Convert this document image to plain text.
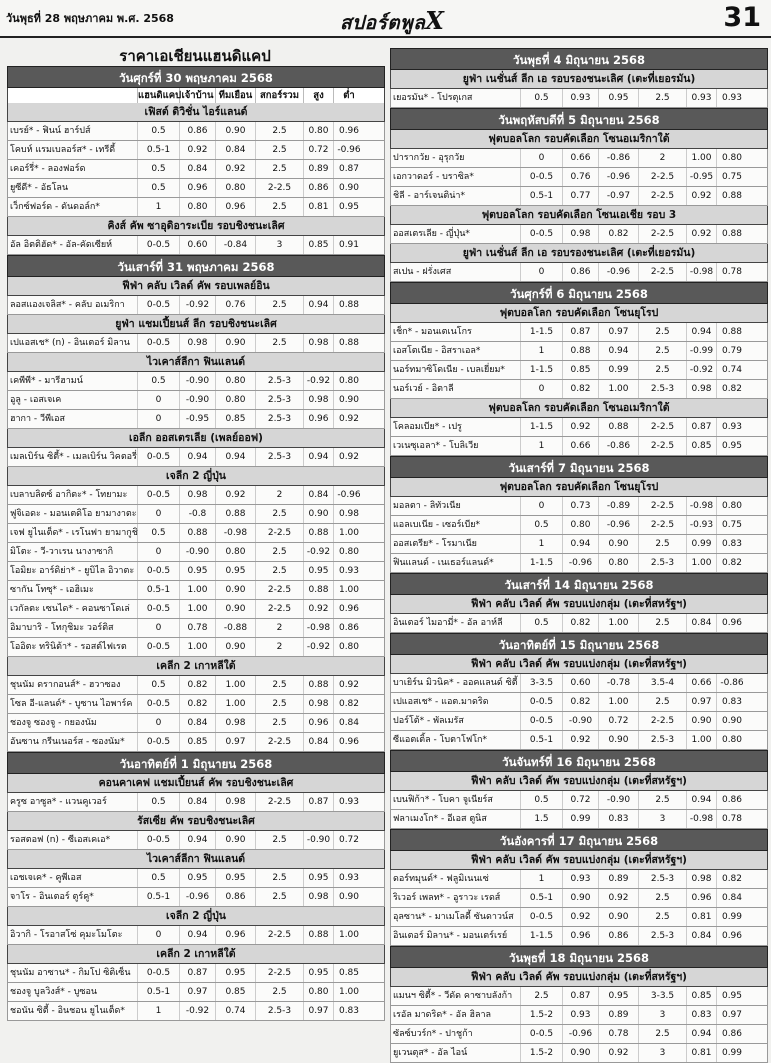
วันพุธที่ 28 พฤษภาคม พ.ศ. 2568	สปอร์ตพูลX	31
ราคาเอเชียนแฮนดิแคป
วันศุกร์ที่ 30 พฤษภาคม 2568
แฮนดิแคป เจ้าบ้าน ทีมเยือน สกอร์รวม	สูง	ต่ำ
เฟิสต์ ดิวิชั่น ไอร์แลนด์
เบรย์* - ฟินน์ ฮาร์ปส์	0.5	0.86	0.90	2.5	0.80	0.96
โคบห์ แรมเบลอร์ส* - เทรีดี้	0.5-1	0.92	0.84	2.5	0.72 -0.96
เคอร์รี่* - ลองฟอร์ด	0.5	0.84	0.92	2.5	0.89	0.87
ยูซีดี* - อัธโลน	0.5	0.96	0.80	2-2.5	0.86	0.90
เว็กซ์ฟอร์ด - ดันดอล์ก*	1	0.80	0.96	2.5	0.81	0.95
คิงส์ คัพ ซาอุดิอาระเบีย รอบชิงชนะเลิศ
อัล อิตติฮัด* - อัล-คัดเซียห์	0-0.5	0.60	-0.84	3	0.85	0.91
วันเสาร์ที่ 31 พฤษภาคม 2568
ฟีฟ่า คลับ เวิลด์ คัพ รอบเพลย์อิน
ลอสแองเจลิส* - คลับ อเมริกา	0-0.5	-0.92	0.76	2.5	0.94	0.88
ยูฟ่า แชมเปี้ยนส์ ลีก รอบชิงชนะเลิศ
เปแอสเช* (n) - อินเตอร์ มิลาน	0-0.5	0.98	0.90	2.5	0.98	0.88
ไวเคาส์ลีกา ฟินแลนด์
เคพีพี* - มารีฮามน์	0.5	-0.90	0.80	2.5-3	-0.92 0.80
อูลู - เอสเจเค	0	-0.90	0.80	2.5-3	0.98	0.90
ฮากา - วีพีเอส	0	-0.95	0.85	2.5-3	0.96	0.92
เอลีก ออสเตรเลีย (เพลย์ออฟ)
เมลเบิร์น ซิตี้* - เมลเบิร์น วิคตอรี่	0-0.5	0.94	0.94	2.5-3	0.94	0.92
เจลีก 2 ญี่ปุ่น
เบลาบลิตซ์ อากิตะ* - โทยามะ	0-0.5	0.98	0.92	2	0.84 -0.96
ฟูจิเอดะ - มอนเตดิโอ ยามางาตะ	0	-0.8	0.88	2.5	0.90	0.98
เจฟ ยูไนเต็ด* - เรโนฟา ยามากูชิ	0.5	0.88	-0.98	2-2.5	0.88	1.00
มิโตะ - วี-วาเรน นางาซากิ	0	-0.90	0.80	2.5	-0.92 0.80
โอมิยะ อาร์ดิย่า* - ยูบิไล อิวาตะ	0-0.5	0.95	0.95	2.5	0.95	0.93
ซากัน โทซุ* - เอฮิเมะ	0.5-1	1.00	0.90	2-2.5	0.88	1.00
เวกัลตะ เซนได* - คอนซาโดเล่	0-0.5	1.00	0.90	2-2.5	0.92	0.96
อิมาบาริ - โทกุชิมะ วอร์ติส	0	0.78	-0.88	2	-0.98 0.86
โออิตะ ทรินิต้า* - รอสต์ไฟเรต	0-0.5	1.00	0.90	2	-0.92 0.80
เคลีก 2 เกาหลีใต้
ชุนนัม ดรากอนส์* - ฮวาซอง	0.5	0.82	1.00	2.5	0.88	0.92
โซล อี-แลนด์* - บูซาน ไอพาร์ค	0-0.5	0.82	1.00	2.5	0.98	0.82
ชองจู ซองจู - กยองนัม	0	0.84	0.98	2.5	0.96	0.84
อันซาน กรีนเนอร์ส - ซองนัม*	0-0.5	0.85	0.97	2-2.5	0.84	0.96
วันอาทิตย์ที่ 1 มิถุนายน 2568
คอนคาเคฟ แชมเปี้ยนส์ คัพ รอบชิงชนะเลิศ
ครูซ อาซูล* - แวนคูเวอร์	0.5	0.84	0.98	2-2.5	0.87	0.93
รัสเซีย คัพ รอบชิงชนะเลิศ
รอสตอฟ (n) - ซีเอสเคเอ*	0-0.5	0.94	0.90	2.5	-0.90 0.72
ไวเคาส์ลีกา ฟินแลนด์
เอชเจเค* - คูพีเอส	0.5	0.95	0.95	2.5	0.95	0.93
จาโร - อินเตอร์ ตูร์คู*	0.5-1	-0.96	0.86	2.5	0.98	0.90
เจลีก 2 ญี่ปุ่น
อิวากิ - โรอาสโซ่ คุมะโมโตะ	0	0.94	0.96	2-2.5	0.88	1.00
เคลีก 2 เกาหลีใต้
ชุนนัม อาซาน* - กิมโป ซิติเซ็น	0-0.5	0.87	0.95	2-2.5	0.95	0.85
ชองจู บูลวิงส์* - บูซอน	0.5-1	0.97	0.85	2.5	0.80	1.00
ชอนัน ซิตี้ - อินชอน ยูไนเต็ด*	1	-0.92	0.74	2.5-3	0.97	0.83
วันพุธที่ 4 มิถุนายน 2568
ยูฟ่า เนชั่นส์ ลีก เอ รอบรองชนะเลิศ (เตะที่เยอรมัน)
เยอรมัน* - โปรตุเกส	0.5	0.93	0.95	2.5	0.93	0.93
วันพฤหัสบดีที่ 5 มิถุนายน 2568
ฟุตบอลโลก รอบคัดเลือก โซนอเมริกาใต้
ปารากวัย - อุรุกวัย	0	0.66	-0.86	2	1.00	0.80
เอกวาดอร์ - บราซิล*	0-0.5	0.76	-0.96	2-2.5	-0.95 0.75
ชิลี - อาร์เจนติน่า*	0.5-1	0.77	-0.97	2-2.5	0.92	0.88
ฟุตบอลโลก รอบคัดเลือก โซนเอเชีย รอบ 3
ออสเตรเลีย - ญี่ปุ่น*	0-0.5	0.98	0.82	2-2.5	0.92	0.88
ยูฟ่า เนชั่นส์ ลีก เอ รอบรองชนะเลิศ (เตะที่เยอรมัน)
สเปน - ฝรั่งเศส	0	0.86	-0.96	2-2.5	-0.98 0.78
วันศุกร์ที่ 6 มิถุนายน 2568
ฟุตบอลโลก รอบคัดเลือก โซนยุโรป
เช็ก* - มอนเตเนโกร	1-1.5	0.87	0.97	2.5	0.94	0.88
เอสโตเนีย - อิสราเอล*	1	0.88	0.94	2.5	-0.99 0.79
นอร์ทมาซิโดเนีย - เบลเยี่ยม*	1-1.5	0.85	0.99	2.5	-0.92 0.74
นอร์เวย์ - อิตาลี	0	0.82	1.00	2.5-3	0.98	0.82
ฟุตบอลโลก รอบคัดเลือก โซนอเมริกาใต้
โคลอมเบีย* - เปรู	1-1.5	0.92	0.88	2-2.5	0.87	0.93
เวเนซุเอลา* - โบลิเวีย	1	0.66	-0.86	2-2.5	0.85	0.95
วันเสาร์ที่ 7 มิถุนายน 2568
ฟุตบอลโลก รอบคัดเลือก โซนยุโรป
มอลตา - ลิทัวเนีย	0	0.73	-0.89	2-2.5	-0.98 0.80
แอลเบเนีย - เซอร์เบีย*	0.5	0.80	-0.96	2-2.5	-0.93 0.75
ออสเตรีย* - โรมาเนีย	1	0.94	0.90	2.5	0.99	0.83
ฟินแลนด์ - เนเธอร์แลนด์*	1-1.5	-0.96	0.80	2.5-3	1.00	0.82
วันเสาร์ที่ 14 มิถุนายน 2568
ฟีฟ่า คลับ เวิลด์ คัพ รอบแบ่งกลุ่ม (เตะที่สหรัฐฯ)
อินเตอร์ ไมอามี่* - อัล อาห์ลี	0.5	0.82	1.00	2.5	0.84	0.96
วันอาทิตย์ที่ 15 มิถุนายน 2568
ฟีฟ่า คลับ เวิลด์ คัพ รอบแบ่งกลุ่ม (เตะที่สหรัฐฯ)
บาเยิร์น มิวนิค* - ออคแลนด์ ซิตี้	3-3.5	0.60	-0.78	3.5-4	0.66 -0.86
เปแอสเช* - แอต.มาดริด	0-0.5	0.82	1.00	2.5	0.97	0.83
ปอร์โต้* - พัลเมรัส	0-0.5	-0.90	0.72	2-2.5	0.90	0.90
ซีแอตเติ้ล - โบตาโฟโก*	0.5-1	0.92	0.90	2.5-3	1.00	0.80
วันจันทร์ที่ 16 มิถุนายน 2568
ฟีฟ่า คลับ เวิลด์ คัพ รอบแบ่งกลุ่ม (เตะที่สหรัฐฯ)
เบนฟิก้า* - โบคา จูเนียร์ส	0.5	0.72	-0.90	2.5	0.94	0.86
ฟลาเมงโก* - อีเอส ตูนิส	1.5	0.99	0.83	3	-0.98 0.78
วันอังคารที่ 17 มิถุนายน 2568
ฟีฟ่า คลับ เวิลด์ คัพ รอบแบ่งกลุ่ม (เตะที่สหรัฐฯ)
ดอร์ทมุนด์* - ฟลูมิเนนเซ่	1	0.93	0.89	2.5-3	0.98	0.82
ริเวอร์ เพลท* - อูราวะ เรดส์	0.5-1	0.90	0.92	2.5	0.96	0.84
อุลซาน* - มาเมโลดี้ ซันดาวน์ส	0-0.5	0.92	0.90	2.5	0.81	0.99
อินเตอร์ มิลาน* - มอนเตร์เรย์	1-1.5	0.96	0.86	2.5-3	0.84	0.96
วันพุธที่ 18 มิถุนายน 2568
ฟีฟ่า คลับ เวิลด์ คัพ รอบแบ่งกลุ่ม (เตะที่สหรัฐฯ)
แมนฯ ซิตี้* - วีดัด คาซาบลังก้า	2.5	0.87	0.95	3-3.5	0.85	0.95
เรอัล มาดริด* - อัล ฮิลาล	1.5-2	0.93	0.89	3	0.83	0.97
ซัลซ์บวร์ก* - ปาชูก้า	0-0.5	-0.96	0.78	2.5	0.94	0.86
ยูเวนตุส* - อัล ไอน์	1.5-2	0.90	0.92	3	0.81	0.99
